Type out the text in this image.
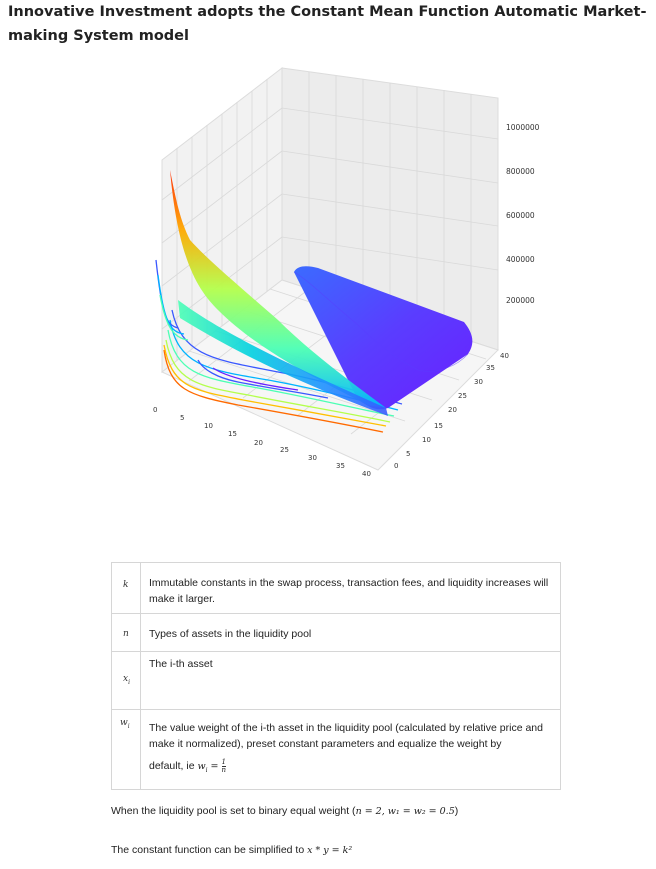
Innovative Investment adopts the Constant Mean Function Automatic Market-making System model
1000000
800000
600000
400000
200000
0
5
10
15
20
25
30
35
40
0
5
10
15
20
25
30
35
40
k	Immutable constants in the swap process, transaction fees, and liquidity increases will make it larger.

n	Types of assets in the liquidity pool

$x_i$	The i-th asset

$w_i$	The value weight of the i-th asset in the liquidity pool (calculated by relative price and make it normalized), preset constant parameters and equalize the weight by
default, ie $w_i = \frac{1}{n}$
When the liquidity pool is set to binary equal weight (n = 2, w₁ = w₂ = 0.5)
The constant function can be simplified to x * y = k²
